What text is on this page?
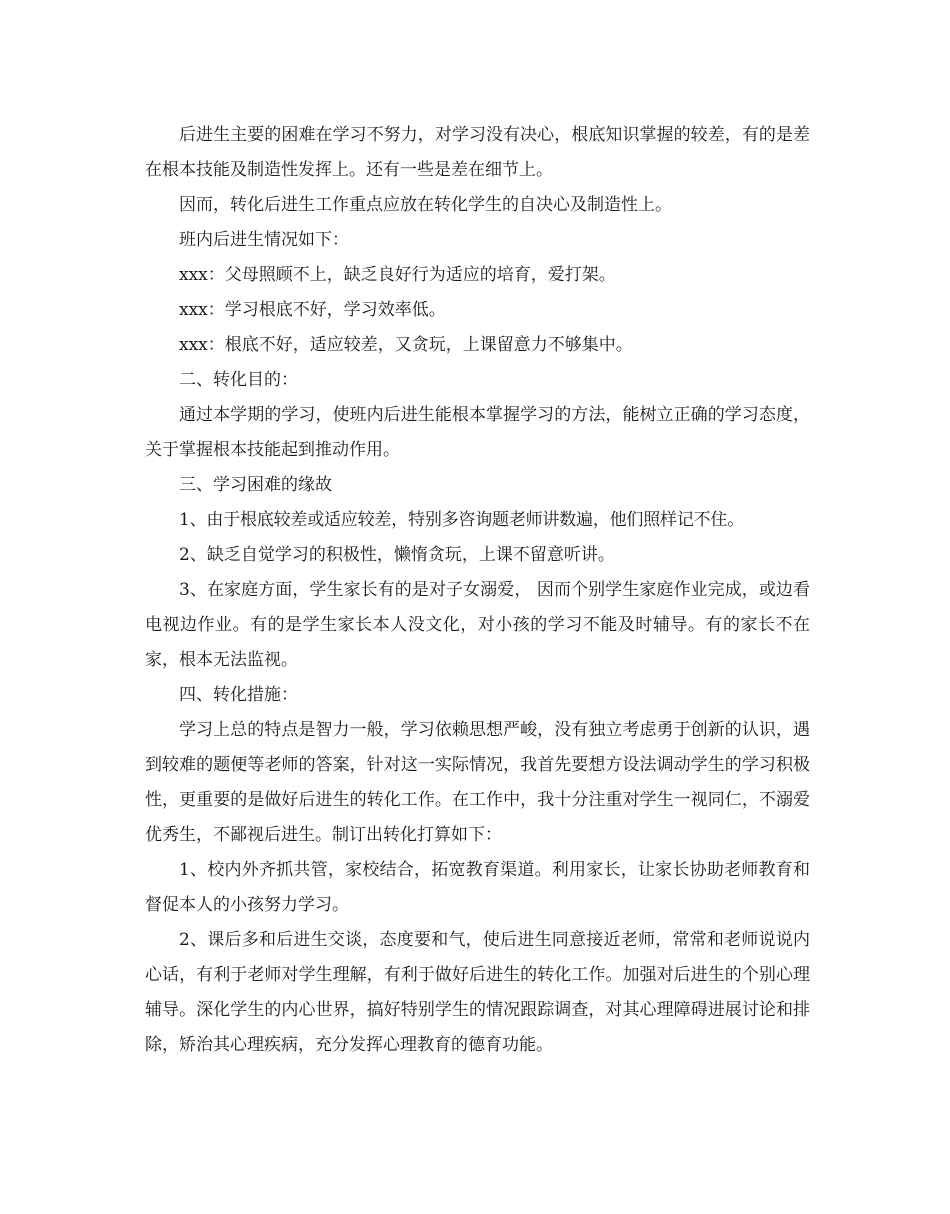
后进生主要的困难在学习不努力，对学习没有决心，根底知识掌握的较差，有的是差在根本技能及制造性发挥上。还有一些是差在细节上。

因而，转化后进生工作重点应放在转化学生的自决心及制造性上。

班内后进生情况如下：

xxx：父母照顾不上，缺乏良好行为适应的培育，爱打架。

xxx：学习根底不好，学习效率低。

xxx：根底不好，适应较差，又贪玩，上课留意力不够集中。

二、转化目的：

通过本学期的学习，使班内后进生能根本掌握学习的方法，能树立正确的学习态度，关于掌握根本技能起到推动作用。

三、学习困难的缘故

1、由于根底较差或适应较差，特别多咨询题老师讲数遍，他们照样记不住。

2、缺乏自觉学习的积极性，懒惰贪玩，上课不留意听讲。

3、在家庭方面，学生家长有的是对子女溺爱， 因而个别学生家庭作业完成，或边看电视边作业。有的是学生家长本人没文化，对小孩的学习不能及时辅导。有的家长不在家，根本无法监视。

四、转化措施：

学习上总的特点是智力一般，学习依赖思想严峻，没有独立考虑勇于创新的认识，遇到较难的题便等老师的答案，针对这一实际情况，我首先要想方设法调动学生的学习积极性，更重要的是做好后进生的转化工作。在工作中，我十分注重对学生一视同仁，不溺爱优秀生，不鄙视后进生。制订出转化打算如下：

1、校内外齐抓共管，家校结合，拓宽教育渠道。利用家长，让家长协助老师教育和督促本人的小孩努力学习。

2、课后多和后进生交谈，态度要和气，使后进生同意接近老师，常常和老师说说内心话，有利于老师对学生理解，有利于做好后进生的转化工作。加强对后进生的个别心理辅导。深化学生的内心世界，搞好特别学生的情况跟踪调查，对其心理障碍进展讨论和排除，矫治其心理疾病，充分发挥心理教育的德育功能。
